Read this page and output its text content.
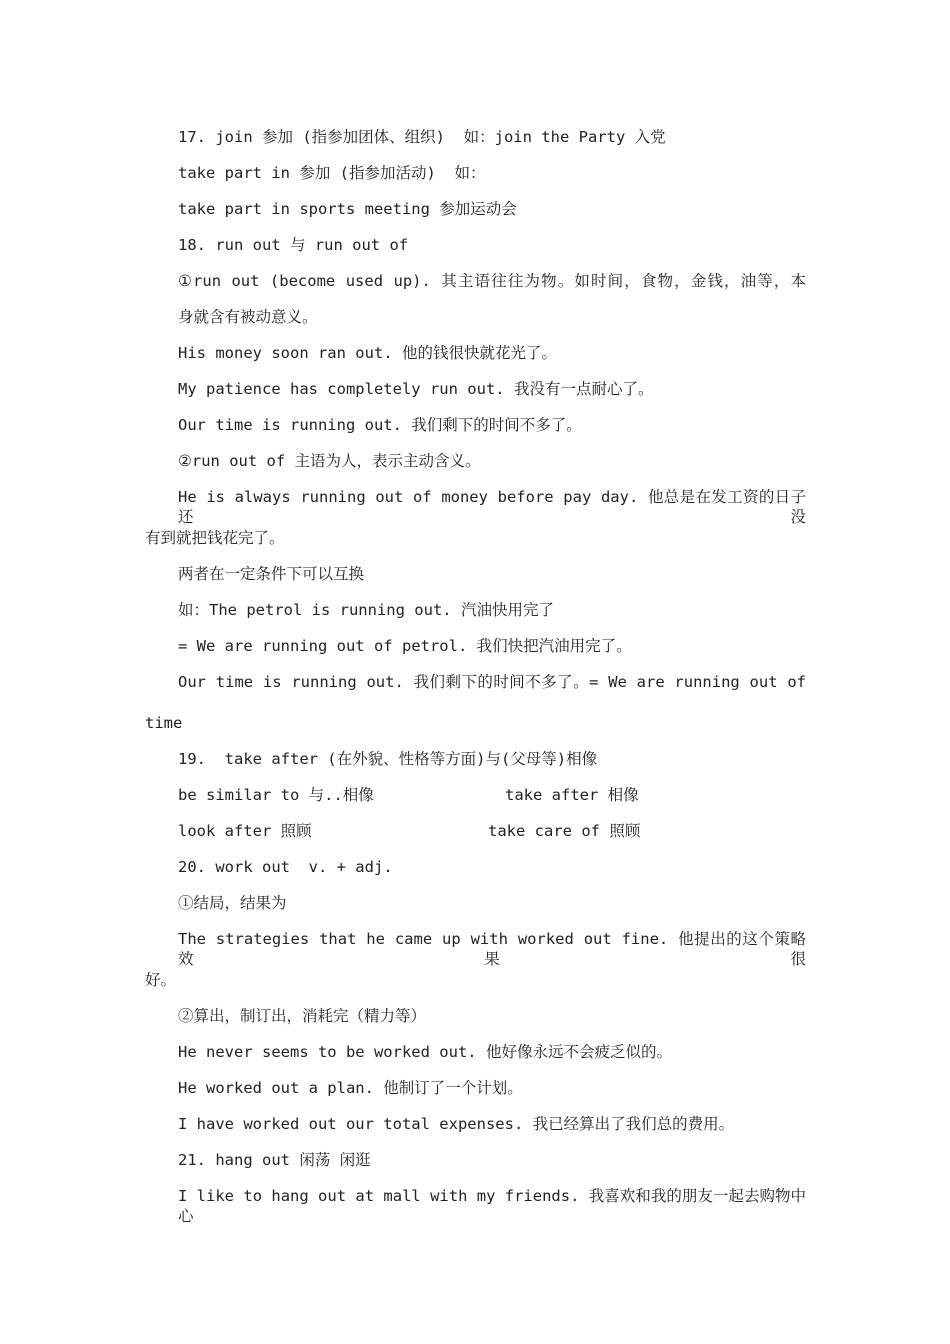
17. join 参加 (指参加团体、组织)  如：join the Party 入党
take part in 参加 (指参加活动)  如：
take part in sports meeting 参加运动会
18. run out 与 run out of
①run out (become used up). 其主语往往为物。如时间，食物，金钱，油等，本
身就含有被动意义。
His money soon ran out. 他的钱很快就花光了。
My patience has completely run out. 我没有一点耐心了。
Our time is running out. 我们剩下的时间不多了。
②run out of 主语为人，表示主动含义。
He is always running out of money before pay day. 他总是在发工资的日子还没
有到就把钱花完了。
两者在一定条件下可以互换
如：The petrol is running out. 汽油快用完了
= We are running out of petrol. 我们快把汽油用完了。
Our time is running out. 我们剩下的时间不多了。= We are running out of
time
19.  take after (在外貌、性格等方面)与(父母等)相像
be similar to 与..相像	take after 相像
look after 照顾	take care of 照顾
20. work out  v. + adj.
①结局，结果为
The strategies that he came up with worked out fine. 他提出的这个策略效果很
好。
②算出，制订出，消耗完（精力等）
He never seems to be worked out. 他好像永远不会疲乏似的。
He worked out a plan. 他制订了一个计划。
I have worked out our total expenses. 我已经算出了我们总的费用。
21. hang out 闲荡 闲逛
I like to hang out at mall with my friends. 我喜欢和我的朋友一起去购物中心
